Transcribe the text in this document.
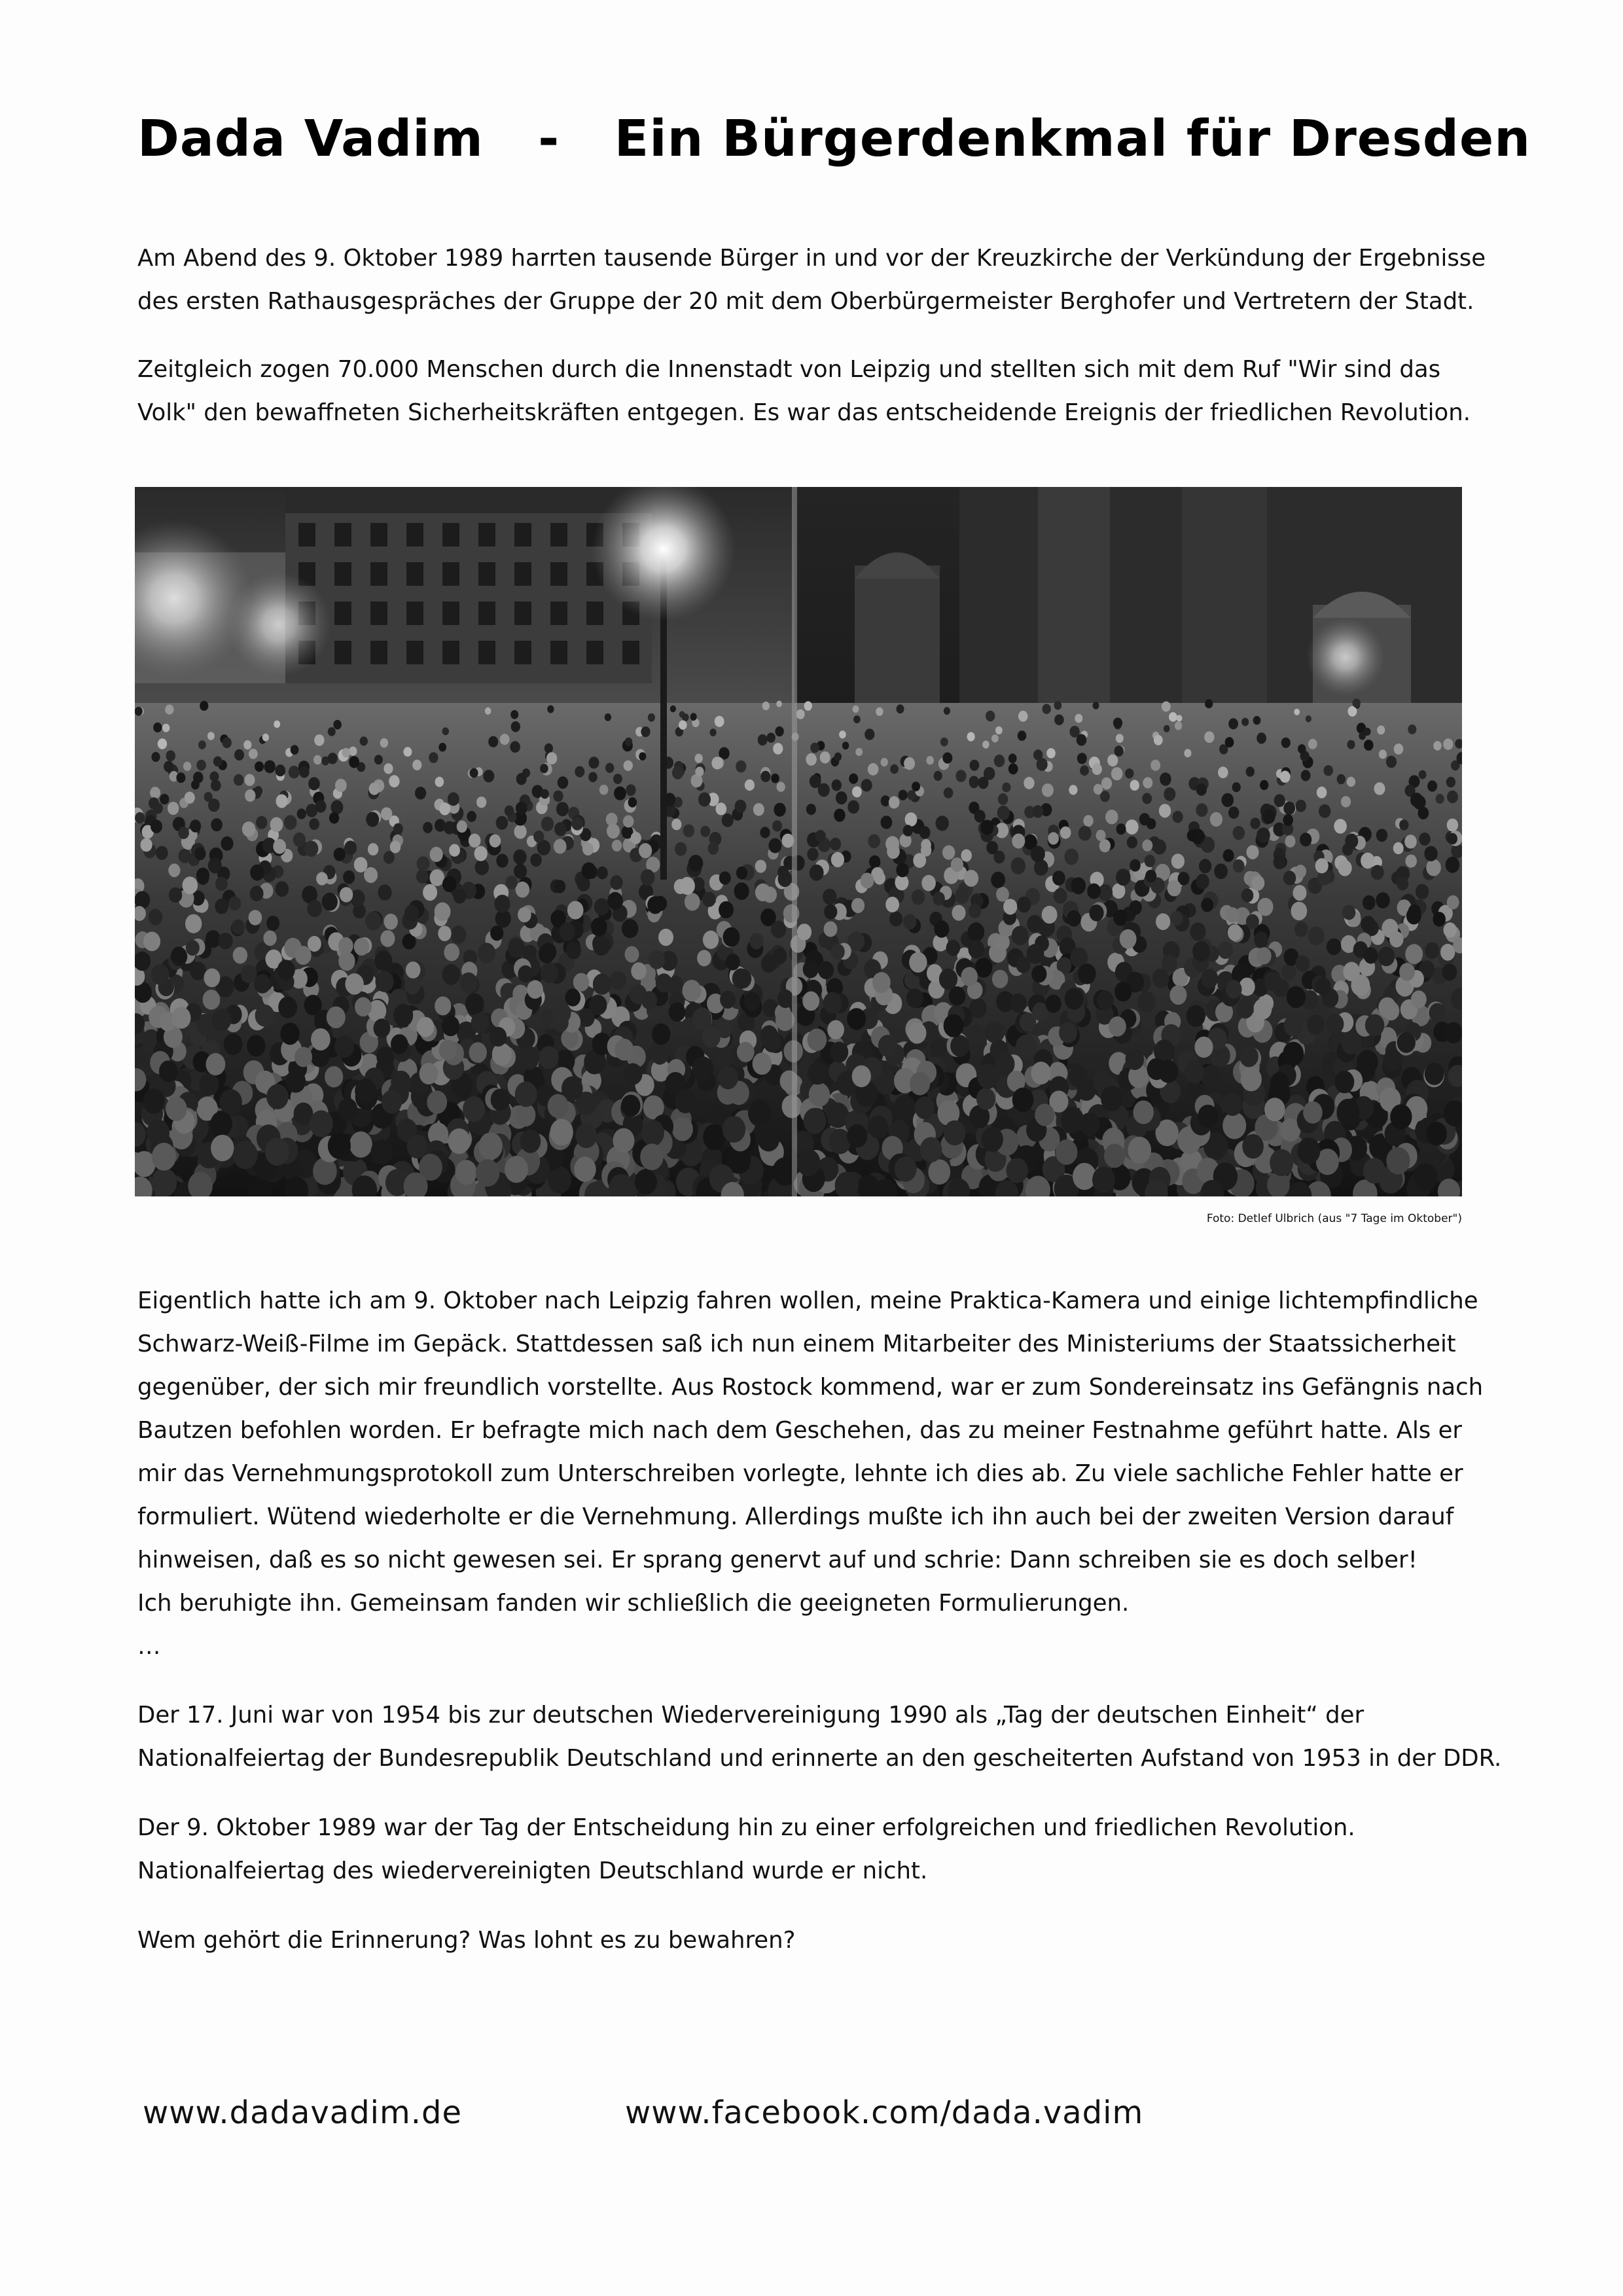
Dada Vadim   -   Ein Bürgerdenkmal für Dresden

Am Abend des 9. Oktober 1989 harrten tausende Bürger in und vor der Kreuzkirche der Verkündung der Ergebnisse
des ersten Rathausgespräches der Gruppe der 20 mit dem Oberbürgermeister Berghofer und Vertretern der Stadt.

Zeitgleich zogen 70.000 Menschen durch die Innenstadt von Leipzig und stellten sich mit dem Ruf "Wir sind das
Volk" den bewaffneten Sicherheitskräften entgegen. Es war das entscheidende Ereignis der friedlichen Revolution.

Foto: Detlef Ulbrich (aus "7 Tage im Oktober")

Eigentlich hatte ich am 9. Oktober nach Leipzig fahren wollen, meine Praktica-Kamera und einige lichtempfindliche
Schwarz-Weiß-Filme im Gepäck. Stattdessen saß ich nun einem Mitarbeiter des Ministeriums der Staatssicherheit
gegenüber, der sich mir freundlich vorstellte. Aus Rostock kommend, war er zum Sondereinsatz ins Gefängnis nach
Bautzen befohlen worden. Er befragte mich nach dem Geschehen, das zu meiner Festnahme geführt hatte. Als er
mir das Vernehmungsprotokoll zum Unterschreiben vorlegte, lehnte ich dies ab. Zu viele sachliche Fehler hatte er
formuliert. Wütend wiederholte er die Vernehmung. Allerdings mußte ich ihn auch bei der zweiten Version darauf
hinweisen, daß es so nicht gewesen sei. Er sprang genervt auf und schrie: Dann schreiben sie es doch selber!
Ich beruhigte ihn. Gemeinsam fanden wir schließlich die geeigneten Formulierungen.
…

Der 17. Juni war von 1954 bis zur deutschen Wiedervereinigung 1990 als „Tag der deutschen Einheit“ der
Nationalfeiertag der Bundesrepublik Deutschland und erinnerte an den gescheiterten Aufstand von 1953 in der DDR.

Der 9. Oktober 1989 war der Tag der Entscheidung hin zu einer erfolgreichen und friedlichen Revolution.
Nationalfeiertag des wiedervereinigten Deutschland wurde er nicht.

Wem gehört die Erinnerung? Was lohnt es zu bewahren?

www.dadavadim.de	www.facebook.com/dada.vadim
